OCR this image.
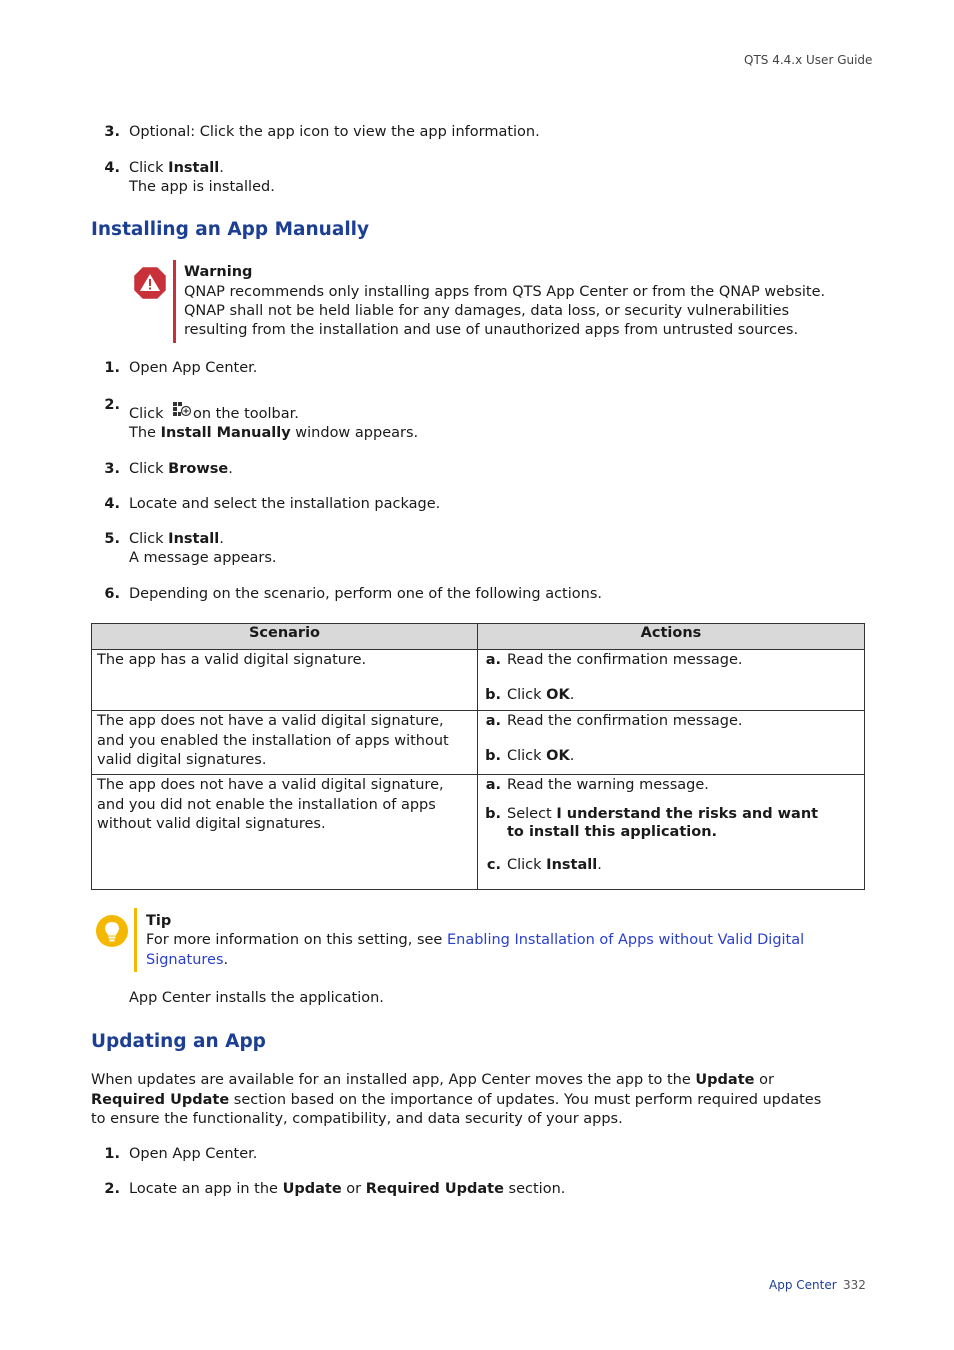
QTS 4.4.x User Guide
3. Optional: Click the app icon to view the app information.
4. Click Install.
The app is installed.
Installing an App Manually
Warning
QNAP recommends only installing apps from QTS App Center or from the QNAP website.
QNAP shall not be held liable for any damages, data loss, or security vulnerabilities
resulting from the installation and use of unauthorized apps from untrusted sources.
1. Open App Center.
2.
Click on the toolbar.
The Install Manually window appears.
3. Click Browse.
4. Locate and select the installation package.
5. Click Install.
A message appears.
6. Depending on the scenario, perform one of the following actions.
Scenario	Actions
The app has a valid digital signature.	a. Read the confirmation message.
b. Click OK.

The app does not have a valid digital signature, and you enabled the installation of apps without valid digital signatures.	a. Read the confirmation message.
b. Click OK.

The app does not have a valid digital signature, and you did not enable the installation of apps without valid digital signatures.	a. Read the warning message.
b. Select I understand the risks and want to install this application.
c. Click Install.
Tip
For more information on this setting, see Enabling Installation of Apps without Valid Digital Signatures.
App Center installs the application.
Updating an App
When updates are available for an installed app, App Center moves the app to the Update or Required Update section based on the importance of updates. You must perform required updates to ensure the functionality, compatibility, and data security of your apps.
1. Open App Center.
2. Locate an app in the Update or Required Update section.
App Center 332
